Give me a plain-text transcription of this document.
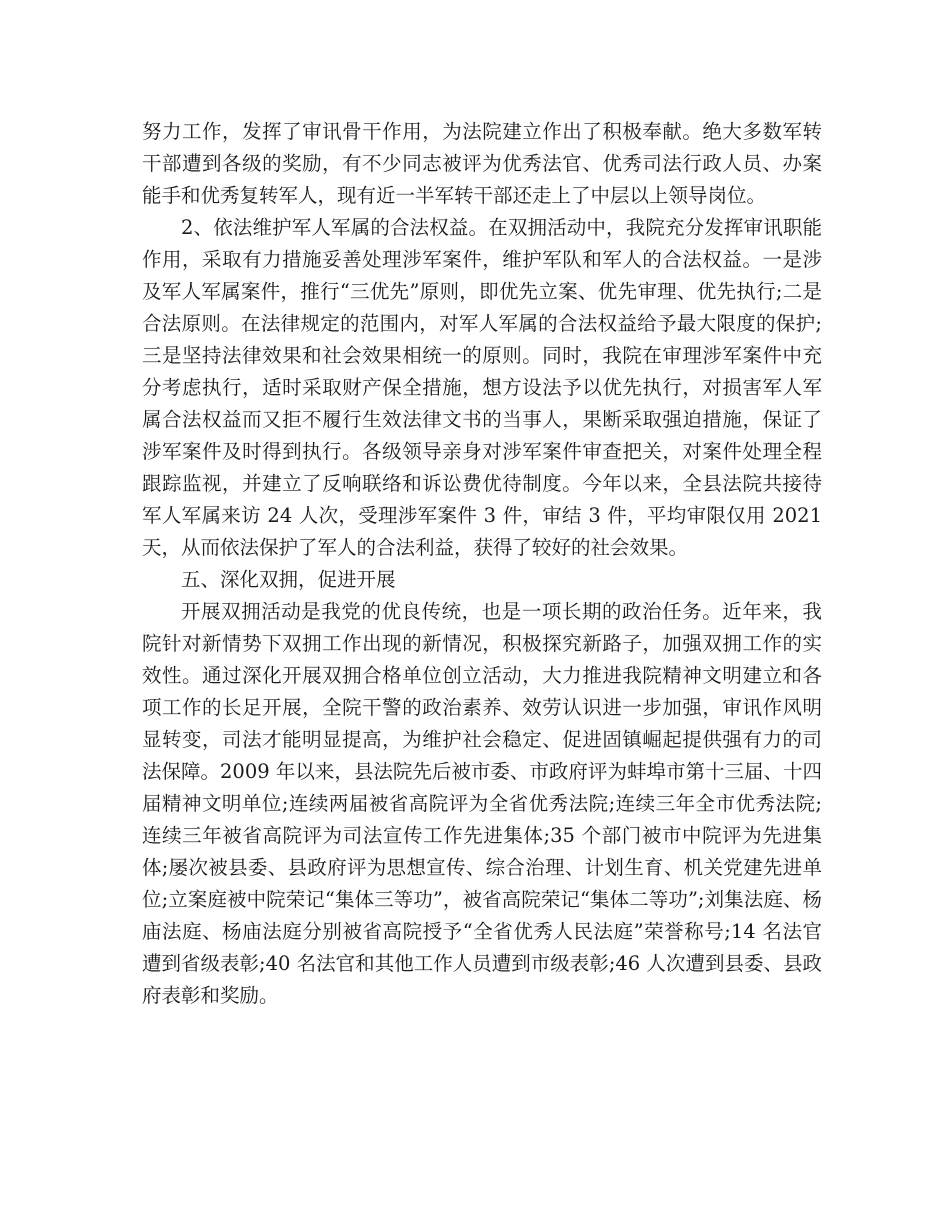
努力工作，发挥了审讯骨干作用，为法院建立作出了积极奉献。绝大多数军转干部遭到各级的奖励，有不少同志被评为优秀法官、优秀司法行政人员、办案能手和优秀复转军人，现有近一半军转干部还走上了中层以上领导岗位。

2、依法维护军人军属的合法权益。在双拥活动中，我院充分发挥审讯职能作用，采取有力措施妥善处理涉军案件，维护军队和军人的合法权益。一是涉及军人军属案件，推行“三优先”原则，即优先立案、优先审理、优先执行;二是合法原则。在法律规定的范围内，对军人军属的合法权益给予最大限度的保护;三是坚持法律效果和社会效果相统一的原则。同时，我院在审理涉军案件中充分考虑执行，适时采取财产保全措施，想方设法予以优先执行，对损害军人军属合法权益而又拒不履行生效法律文书的当事人，果断采取强迫措施，保证了涉军案件及时得到执行。各级领导亲身对涉军案件审查把关，对案件处理全程跟踪监视，并建立了反响联络和诉讼费优待制度。今年以来，全县法院共接待军人军属来访 24 人次，受理涉军案件 3 件，审结 3 件，平均审限仅用 2021 天，从而依法保护了军人的合法利益，获得了较好的社会效果。

五、深化双拥，促进开展

开展双拥活动是我党的优良传统，也是一项长期的政治任务。近年来，我院针对新情势下双拥工作出现的新情况，积极探究新路子，加强双拥工作的实效性。通过深化开展双拥合格单位创立活动，大力推进我院精神文明建立和各项工作的长足开展，全院干警的政治素养、效劳认识进一步加强，审讯作风明显转变，司法才能明显提高，为维护社会稳定、促进固镇崛起提供强有力的司法保障。2009 年以来，县法院先后被市委、市政府评为蚌埠市第十三届、十四届精神文明单位;连续两届被省高院评为全省优秀法院;连续三年全市优秀法院;连续三年被省高院评为司法宣传工作先进集体;35 个部门被市中院评为先进集体;屡次被县委、县政府评为思想宣传、综合治理、计划生育、机关党建先进单位;立案庭被中院荣记“集体三等功”，被省高院荣记“集体二等功”;刘集法庭、杨庙法庭、杨庙法庭分别被省高院授予“全省优秀人民法庭”荣誉称号;14 名法官遭到省级表彰;40 名法官和其他工作人员遭到市级表彰;46 人次遭到县委、县政府表彰和奖励。
